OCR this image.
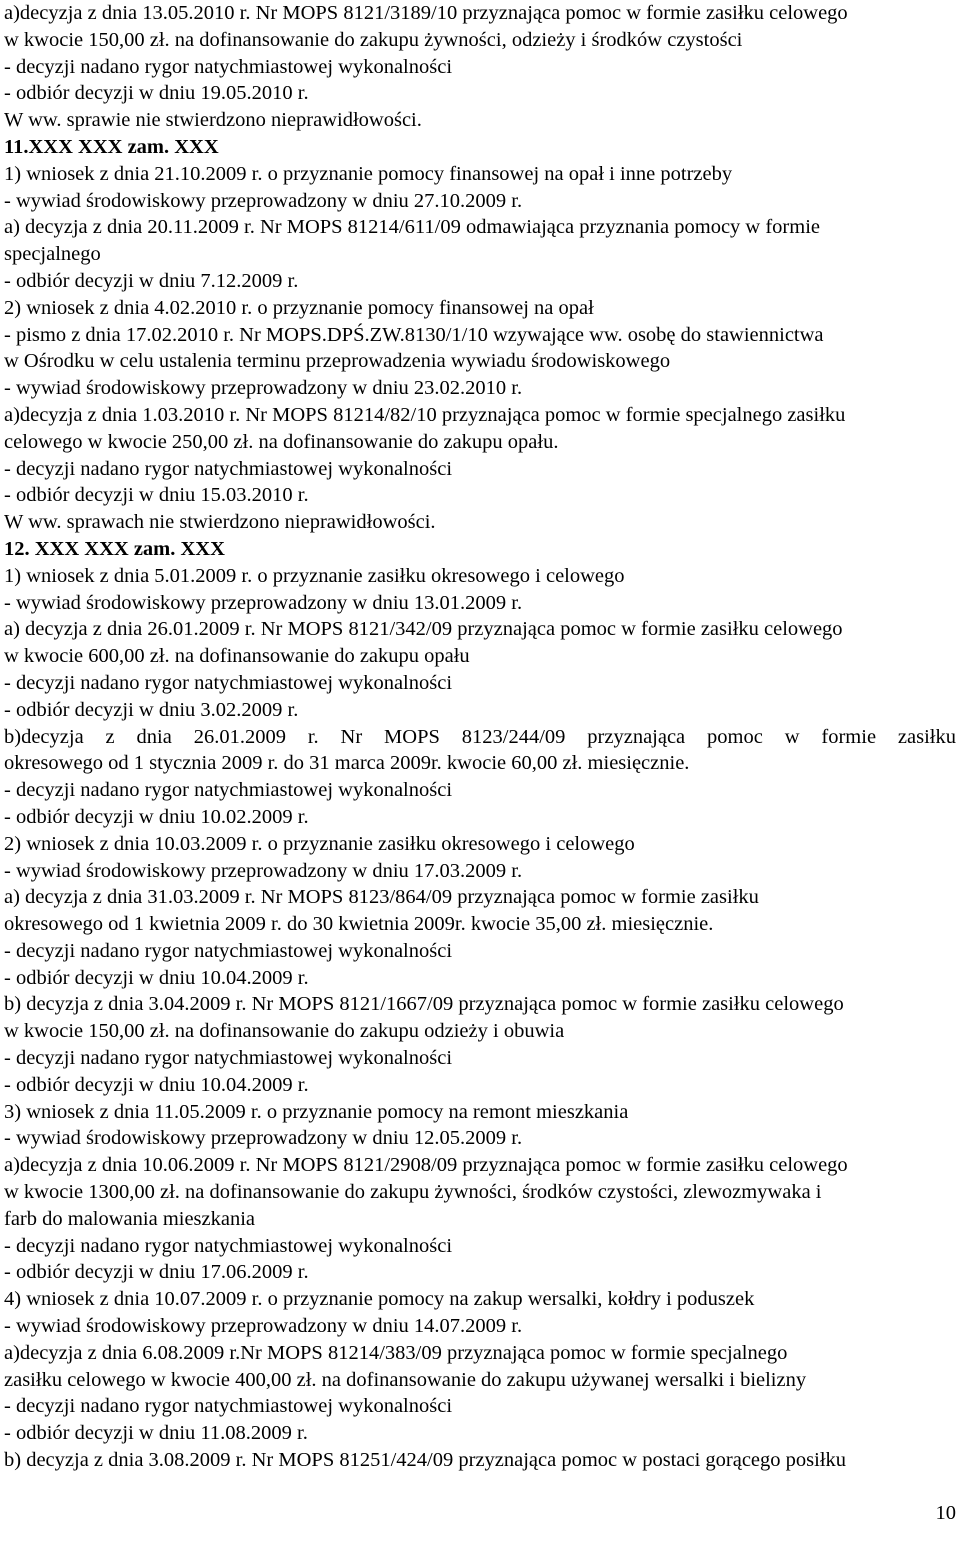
a)decyzja z dnia 13.05.2010 r. Nr MOPS 8121/3189/10 przyznająca pomoc w formie zasiłku celowego
w kwocie 150,00 zł. na dofinansowanie do zakupu żywności, odzieży i środków czystości
- decyzji nadano rygor natychmiastowej wykonalności
- odbiór decyzji w dniu 19.05.2010 r.
W ww. sprawie nie stwierdzono nieprawidłowości.
11.XXX XXX zam. XXX
1) wniosek z dnia 21.10.2009 r. o przyznanie pomocy finansowej na opał i inne potrzeby
- wywiad środowiskowy przeprowadzony w dniu 27.10.2009 r.
a) decyzja z dnia 20.11.2009 r. Nr MOPS 81214/611/09 odmawiająca przyznania pomocy w formie
specjalnego
- odbiór decyzji w dniu 7.12.2009 r.
2) wniosek z dnia 4.02.2010 r. o przyznanie pomocy finansowej na opał
- pismo z dnia 17.02.2010 r. Nr MOPS.DPŚ.ZW.8130/1/10 wzywające ww. osobę do stawiennictwa
w Ośrodku w celu ustalenia terminu przeprowadzenia wywiadu środowiskowego
- wywiad środowiskowy przeprowadzony w dniu 23.02.2010 r.
a)decyzja z dnia 1.03.2010 r. Nr MOPS 81214/82/10 przyznająca pomoc w formie specjalnego zasiłku
celowego w kwocie 250,00 zł. na dofinansowanie do zakupu opału.
- decyzji nadano rygor natychmiastowej wykonalności
- odbiór decyzji w dniu 15.03.2010 r.
W ww. sprawach nie stwierdzono nieprawidłowości.
12. XXX XXX zam. XXX
1) wniosek z dnia 5.01.2009 r. o przyznanie zasiłku okresowego i celowego
- wywiad środowiskowy przeprowadzony w dniu 13.01.2009 r.
a) decyzja z dnia 26.01.2009 r. Nr MOPS 8121/342/09 przyznająca pomoc w formie zasiłku celowego
w kwocie 600,00 zł. na dofinansowanie do zakupu opału
- decyzji nadano rygor natychmiastowej wykonalności
- odbiór decyzji w dniu 3.02.2009 r.
b)decyzja z dnia 26.01.2009 r. Nr MOPS 8123/244/09 przyznająca pomoc w formie zasiłku
okresowego od 1 stycznia 2009 r. do 31 marca 2009r. kwocie 60,00 zł. miesięcznie.
- decyzji nadano rygor natychmiastowej wykonalności
- odbiór decyzji w dniu 10.02.2009 r.
2) wniosek z dnia 10.03.2009 r. o przyznanie zasiłku okresowego i celowego
- wywiad środowiskowy przeprowadzony w dniu 17.03.2009 r.
a) decyzja z dnia 31.03.2009 r. Nr MOPS 8123/864/09 przyznająca pomoc w formie zasiłku
okresowego od 1 kwietnia 2009 r. do 30 kwietnia 2009r. kwocie 35,00 zł. miesięcznie.
- decyzji nadano rygor natychmiastowej wykonalności
- odbiór decyzji w dniu 10.04.2009 r.
b) decyzja z dnia 3.04.2009 r. Nr MOPS 8121/1667/09 przyznająca pomoc w formie zasiłku celowego
w kwocie 150,00 zł. na dofinansowanie do zakupu odzieży i obuwia
- decyzji nadano rygor natychmiastowej wykonalności
- odbiór decyzji w dniu 10.04.2009 r.
3) wniosek z dnia 11.05.2009 r. o przyznanie pomocy na remont mieszkania
- wywiad środowiskowy przeprowadzony w dniu 12.05.2009 r.
a)decyzja z dnia 10.06.2009 r. Nr MOPS 8121/2908/09 przyznająca pomoc w formie zasiłku celowego
w kwocie 1300,00 zł. na dofinansowanie do zakupu żywności, środków czystości, zlewozmywaka i
farb do malowania mieszkania
- decyzji nadano rygor natychmiastowej wykonalności
- odbiór decyzji w dniu 17.06.2009 r.
4) wniosek z dnia 10.07.2009 r. o przyznanie pomocy na zakup wersalki, kołdry i poduszek
- wywiad środowiskowy przeprowadzony w dniu 14.07.2009 r.
a)decyzja z dnia 6.08.2009 r.Nr MOPS 81214/383/09 przyznająca pomoc w formie specjalnego
zasiłku celowego w kwocie 400,00 zł. na dofinansowanie do zakupu używanej wersalki i bielizny
- decyzji nadano rygor natychmiastowej wykonalności
- odbiór decyzji w dniu 11.08.2009 r.
b) decyzja z dnia 3.08.2009 r. Nr MOPS 81251/424/09 przyznająca pomoc w postaci gorącego posiłku
10
